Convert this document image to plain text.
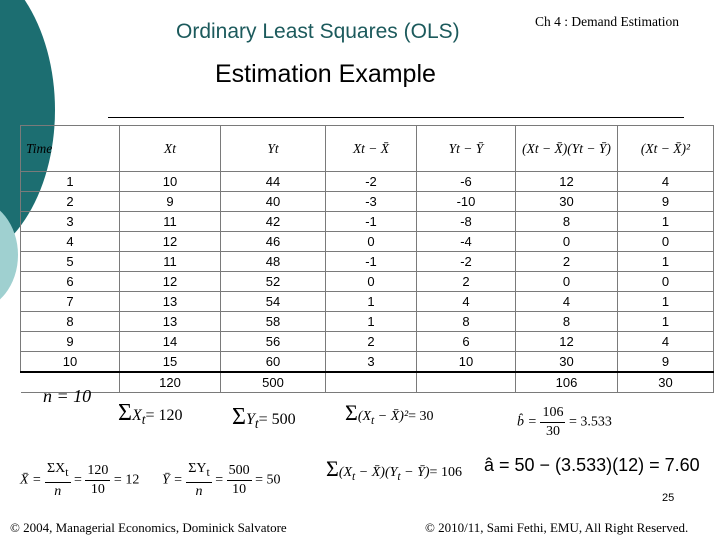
Ordinary Least Squares (OLS)	Ch 4 : Demand Estimation
Estimation Example
Time	Xt	Yt	Xt − X̄	Yt − Ȳ	(Xt − X̄)(Yt − Ȳ)	(Xt − X̄)²
1	10	44	-2	-6	12	4
2	9	40	-3	-10	30	9
3	11	42	-1	-8	8	1
4	12	46	0	-4	0	0
5	11	48	-1	-2	2	1
6	12	52	0	2	0	0
7	13	54	1	4	4	1
8	13	58	1	8	8	1
9	14	56	2	6	12	4
10	15	60	3	10	30	9
	120	500			106	30
n = 10
$\Sigma X_t= 120$ $\Sigma Y_t= 500$ $\Sigma(X_t$ − X̄)²= 30	b̂ = $\frac{106}{30} = 3.533$
X̄ = $\frac{\Sigma X_t}{n} = \frac{120}{10} = 12$ Ȳ = $\frac{\Sigma Y_t}{n} = \frac{500}{10} = 50$ $\Sigma(X_t$ − $X̄)(Y_t$ − Ȳ)= 106 â = 50 − (3.533)(12) = 7.60
25
© 2004, Managerial Economics, Dominick Salvatore	© 2010/11, Sami Fethi, EMU, All Right Reserved.
